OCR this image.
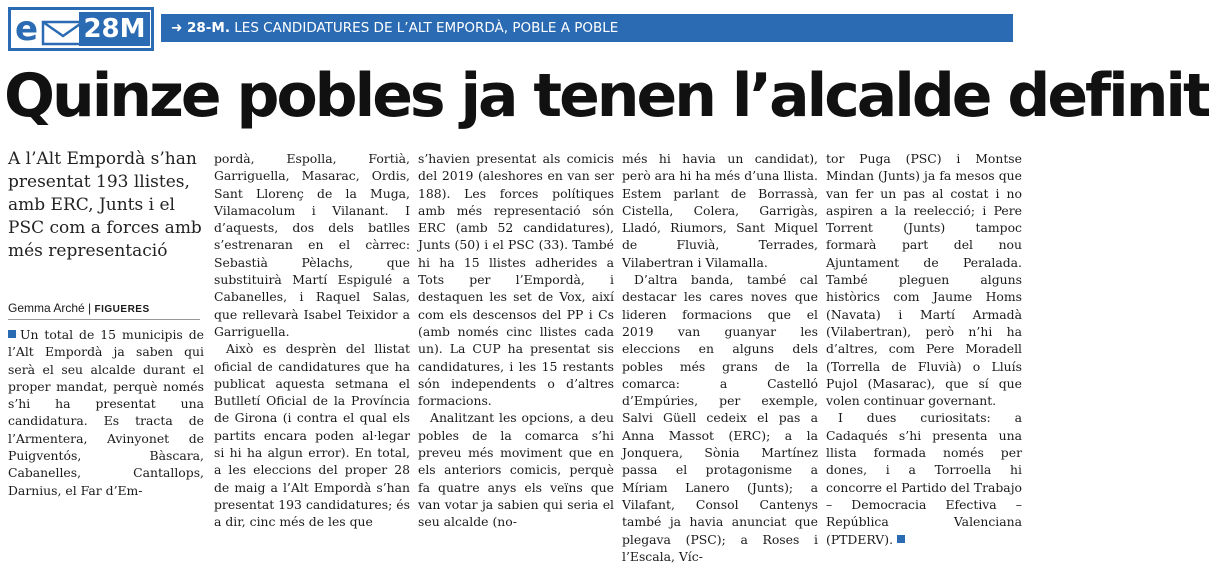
e 28M	➜ 28-M. LES CANDIDATURES DE L’ALT EMPORDÀ, POBLE A POBLE
Quinze pobles ja tenen l’alcalde definit

A l’Alt Empordà s’han presentat 193 llistes, amb ERC, Junts i el PSC com a forces amb més representació

Gemma Arché | FIGUERES

Un total de 15 municipis de l’Alt Empordà ja saben qui serà el seu alcalde durant el proper mandat, perquè només s’hi ha presentat una candidatura. Es tracta de l’Armentera, Avinyonet de Puigventós, Bàscara, Cabanelles, Cantallops, Darnius, el Far d’Em-

pordà, Espolla, Fortià, Garriguella, Masarac, Ordis, Sant Llorenç de la Muga, Vilamacolum i Vilanant. I d’aquests, dos dels batlles s’estrenaran en el càrrec: Sebastià Pèlachs, que substituirà Martí Espigulé a Cabanelles, i Raquel Salas, que rellevarà Isabel Teixidor a Garriguella.

Això es desprèn del llistat oficial de candidatures que ha publicat aquesta setmana el Butlletí Oficial de la Província de Girona (i contra el qual els partits encara poden al·legar si hi ha algun error). En total, a les eleccions del proper 28 de maig a l’Alt Empordà s’han presentat 193 candidatures; és a dir, cinc més de les que

s’havien presentat als comicis del 2019 (aleshores en van ser 188). Les forces polítiques amb més representació són ERC (amb 52 candidatures), Junts (50) i el PSC (33). També hi ha 15 llistes adherides a Tots per l’Empordà, i destaquen les set de Vox, així com els descensos del PP i Cs (amb només cinc llistes cada un). La CUP ha presentat sis candidatures, i les 15 restants són independents o d’altres formacions.

Analitzant les opcions, a deu pobles de la comarca s’hi preveu més moviment que en els anteriors comicis, perquè fa quatre anys els veïns que van votar ja sabien qui seria el seu alcalde (no-

més hi havia un candidat), però ara hi ha més d’una llista. Estem parlant de Borrassà, Cistella, Colera, Garrigàs, Lladó, Riumors, Sant Miquel de Fluvià, Terrades, Vilabertran i Vilamalla.

D’altra banda, també cal destacar les cares noves que lideren formacions que el 2019 van guanyar les eleccions en alguns dels pobles més grans de la comarca: a Castelló d’Empúries, per exemple, Salvi Güell cedeix el pas a Anna Massot (ERC); a la Jonquera, Sònia Martínez passa el protagonisme a Míriam Lanero (Junts); a Vilafant, Consol Cantenys també ja havia anunciat que plegava (PSC); a Roses i l’Escala, Víc-

tor Puga (PSC) i Montse Mindan (Junts) ja fa mesos que van fer un pas al costat i no aspiren a la reelecció; i Pere Torrent (Junts) tampoc formarà part del nou Ajuntament de Peralada. També pleguen alguns històrics com Jaume Homs (Navata) i Martí Armadà (Vilabertran), però n’hi ha d’altres, com Pere Moradell (Torrella de Fluvià) o Lluís Pujol (Masarac), que sí que volen continuar governant.

I dues curiositats: a Cadaqués s’hi presenta una llista formada només per dones, i a Torroella hi concorre el Partido del Trabajo – Democracia Efectiva – República Valenciana (PTDERV).
